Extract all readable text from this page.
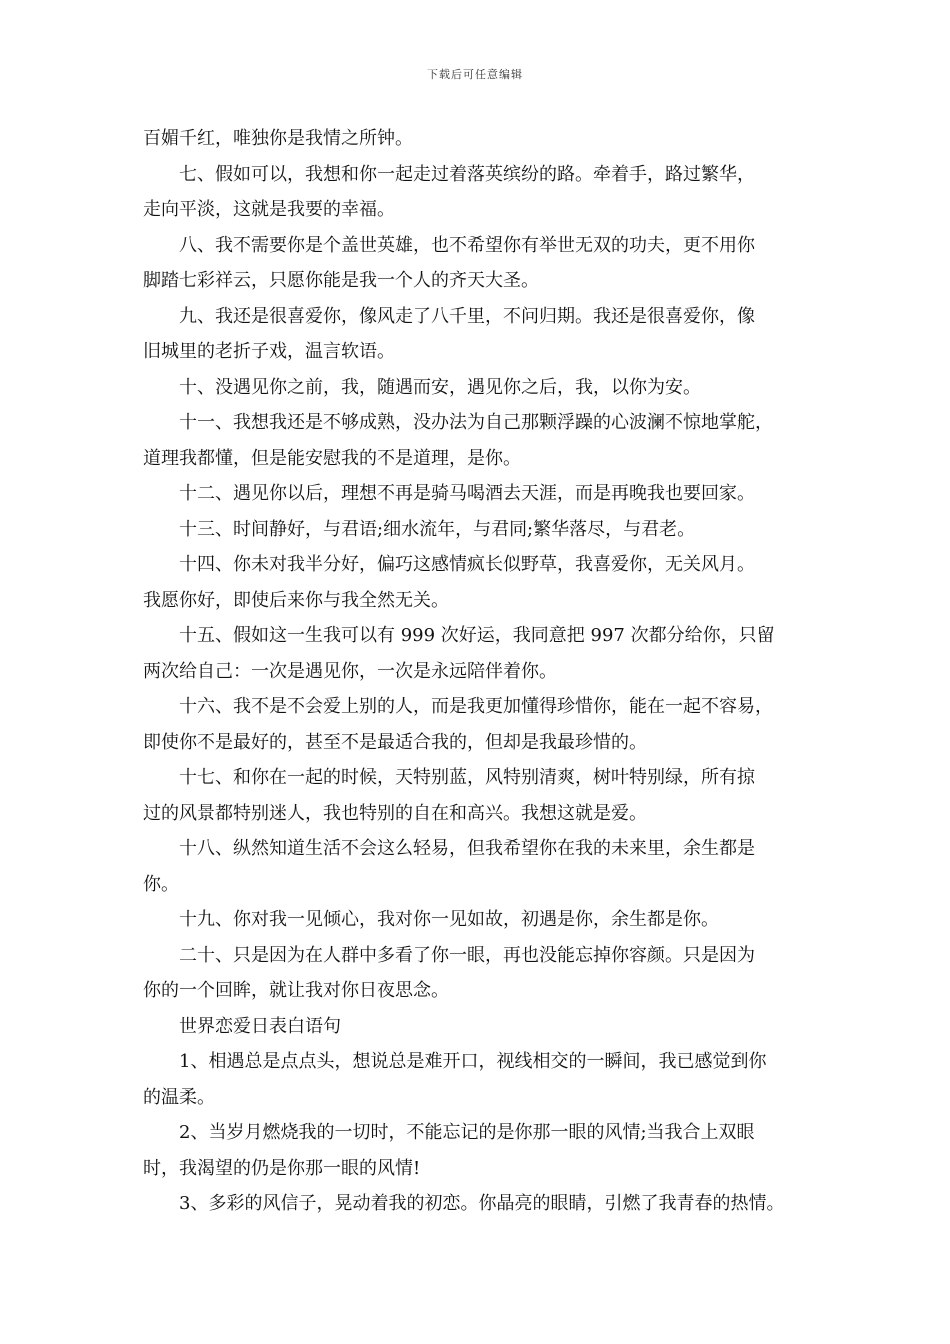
下载后可任意编辑

百媚千红，唯独你是我情之所钟。

七、假如可以，我想和你一起走过着落英缤纷的路。牵着手，路过繁华，
走向平淡，这就是我要的幸福。

八、我不需要你是个盖世英雄，也不希望你有举世无双的功夫，更不用你
脚踏七彩祥云，只愿你能是我一个人的齐天大圣。

九、我还是很喜爱你，像风走了八千里，不问归期。我还是很喜爱你，像
旧城里的老折子戏，温言软语。

十、没遇见你之前，我，随遇而安，遇见你之后，我，以你为安。

十一、我想我还是不够成熟，没办法为自己那颗浮躁的心波澜不惊地掌舵，
道理我都懂，但是能安慰我的不是道理，是你。

十二、遇见你以后，理想不再是骑马喝酒去天涯，而是再晚我也要回家。

十三、时间静好，与君语;细水流年，与君同;繁华落尽，与君老。

十四、你未对我半分好，偏巧这感情疯长似野草，我喜爱你，无关风月。
我愿你好，即使后来你与我全然无关。

十五、假如这一生我可以有 999 次好运，我同意把 997 次都分给你，只留
两次给自己：一次是遇见你，一次是永远陪伴着你。

十六、我不是不会爱上别的人，而是我更加懂得珍惜你，能在一起不容易，
即使你不是最好的，甚至不是最适合我的，但却是我最珍惜的。

十七、和你在一起的时候，天特别蓝，风特别清爽，树叶特别绿，所有掠
过的风景都特别迷人，我也特别的自在和高兴。我想这就是爱。

十八、纵然知道生活不会这么轻易，但我希望你在我的未来里，余生都是
你。

十九、你对我一见倾心，我对你一见如故，初遇是你，余生都是你。

二十、只是因为在人群中多看了你一眼，再也没能忘掉你容颜。只是因为
你的一个回眸，就让我对你日夜思念。

世界恋爱日表白语句

1、相遇总是点点头，想说总是难开口，视线相交的一瞬间，我已感觉到你
的温柔。

2、当岁月燃烧我的一切时，不能忘记的是你那一眼的风情;当我合上双眼
时，我渴望的仍是你那一眼的风情!

3、多彩的风信子，晃动着我的初恋。你晶亮的眼睛，引燃了我青春的热情。
